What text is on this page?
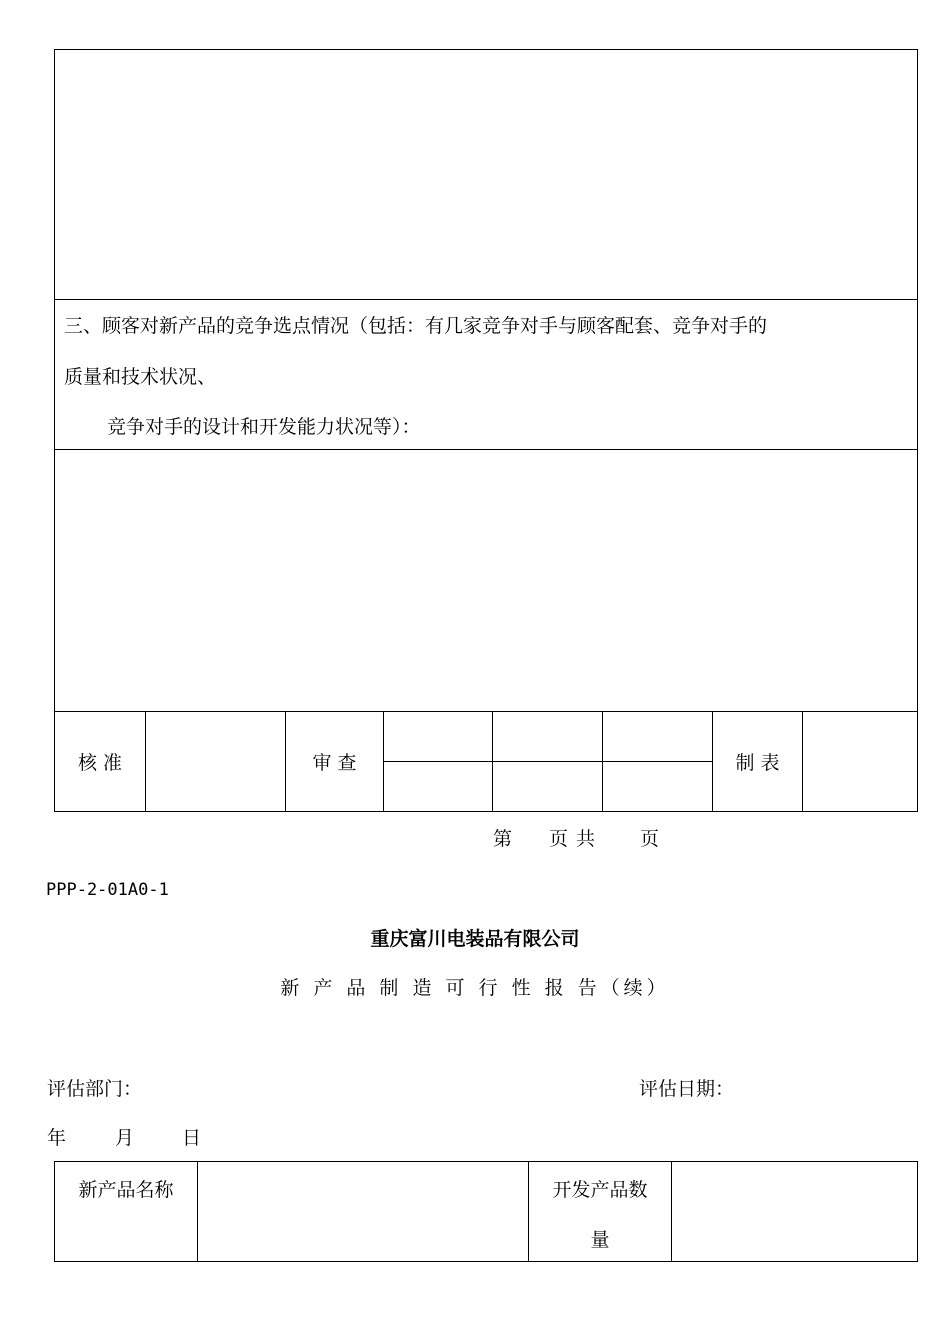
三、顾客对新产品的竞争选点情况（包括：有几家竞争对手与顾客配套、竞争对手的
质量和技术状况、
竞争对手的设计和开发能力状况等）：
核 准	审 查	制 表
第 页共 页
PPP-2-01A0-1
重庆富川电装品有限公司
新 产 品 制 造 可 行 性 报 告（续）
评估部门：	评估日期：
年	月	日
新产品名称	开发产品数
量
